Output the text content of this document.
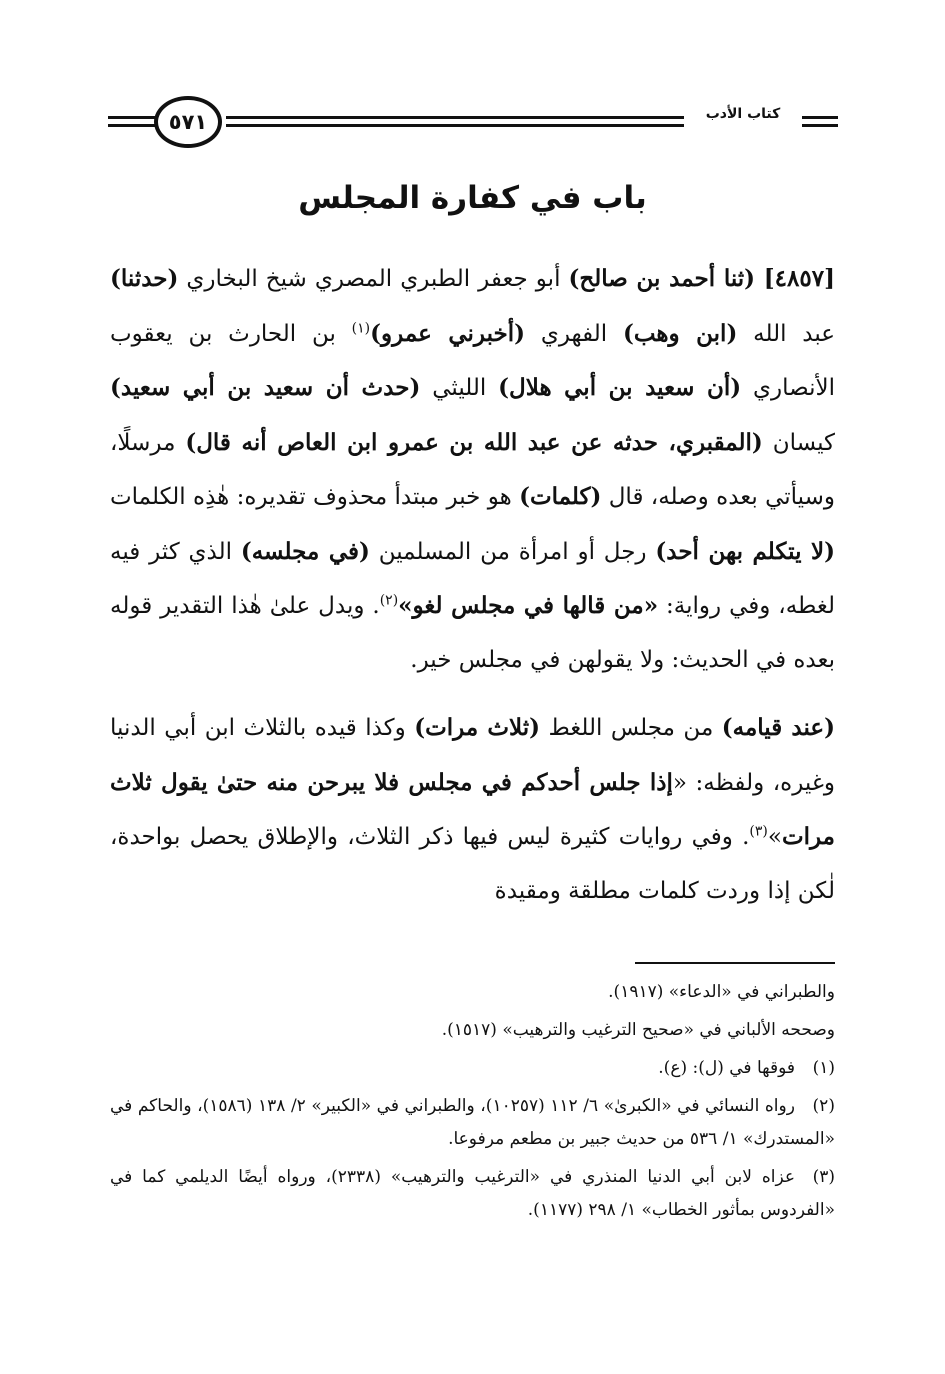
٥٧١	كتاب الأدب
باب في كفارة المجلس

[٤٨٥٧] (ثنا أحمد بن صالح) أبو جعفر الطبري المصري شيخ البخاري (حدثنا) عبد الله (ابن وهب) الفهري (أخبرني عمرو)$^{(١)}$ بن الحارث بن يعقوب الأنصاري (أن سعيد بن أبي هلال) الليثي (حدث أن سعيد بن أبي سعيد) كيسان (المقبري، حدثه عن عبد الله بن عمرو ابن العاص أنه قال) مرسلًا، وسيأتي بعده وصله، قال (كلمات) هو خبر مبتدأ محذوف تقديره: هٰذِه الكلمات (لا يتكلم بهن أحد) رجل أو امرأة من المسلمين (في مجلسه) الذي كثر فيه لغطه، وفي رواية: «من قالها في مجلس لغو»$^{(٢)}$. ويدل علىٰ هٰذا التقدير قوله بعده في الحديث: ولا يقولهن في مجلس خير.

(عند قيامه) من مجلس اللغط (ثلاث مرات) وكذا قيده بالثلاث ابن أبي الدنيا وغيره، ولفظه: «إذا جلس أحدكم في مجلس فلا يبرحن منه حتىٰ يقول ثلاث مرات»$^{(٣)}$. وفي روايات كثيرة ليس فيها ذكر الثلاث، والإطلاق يحصل بواحدة، لٰكن إذا وردت كلمات مطلقة ومقيدة

والطبراني في «الدعاء» (١٩١٧).
وصححه الألباني في «صحيح الترغيب والترهيب» (١٥١٧).
(١)فوقها في (ل): (ع).
(٢)رواه النسائي في «الكبرىٰ» ٦/ ١١٢ (١٠٢٥٧)، والطبراني في «الكبير» ٢/ ١٣٨ (١٥٨٦)، والحاكم في «المستدرك» ١/ ٥٣٦ من حديث جبير بن مطعم مرفوعا.
(٣)عزاه لابن أبي الدنيا المنذري في «الترغيب والترهيب» (٢٣٣٨)، ورواه أيضًا الديلمي كما في «الفردوس بمأثور الخطاب» ١/ ٢٩٨ (١١٧٧).
